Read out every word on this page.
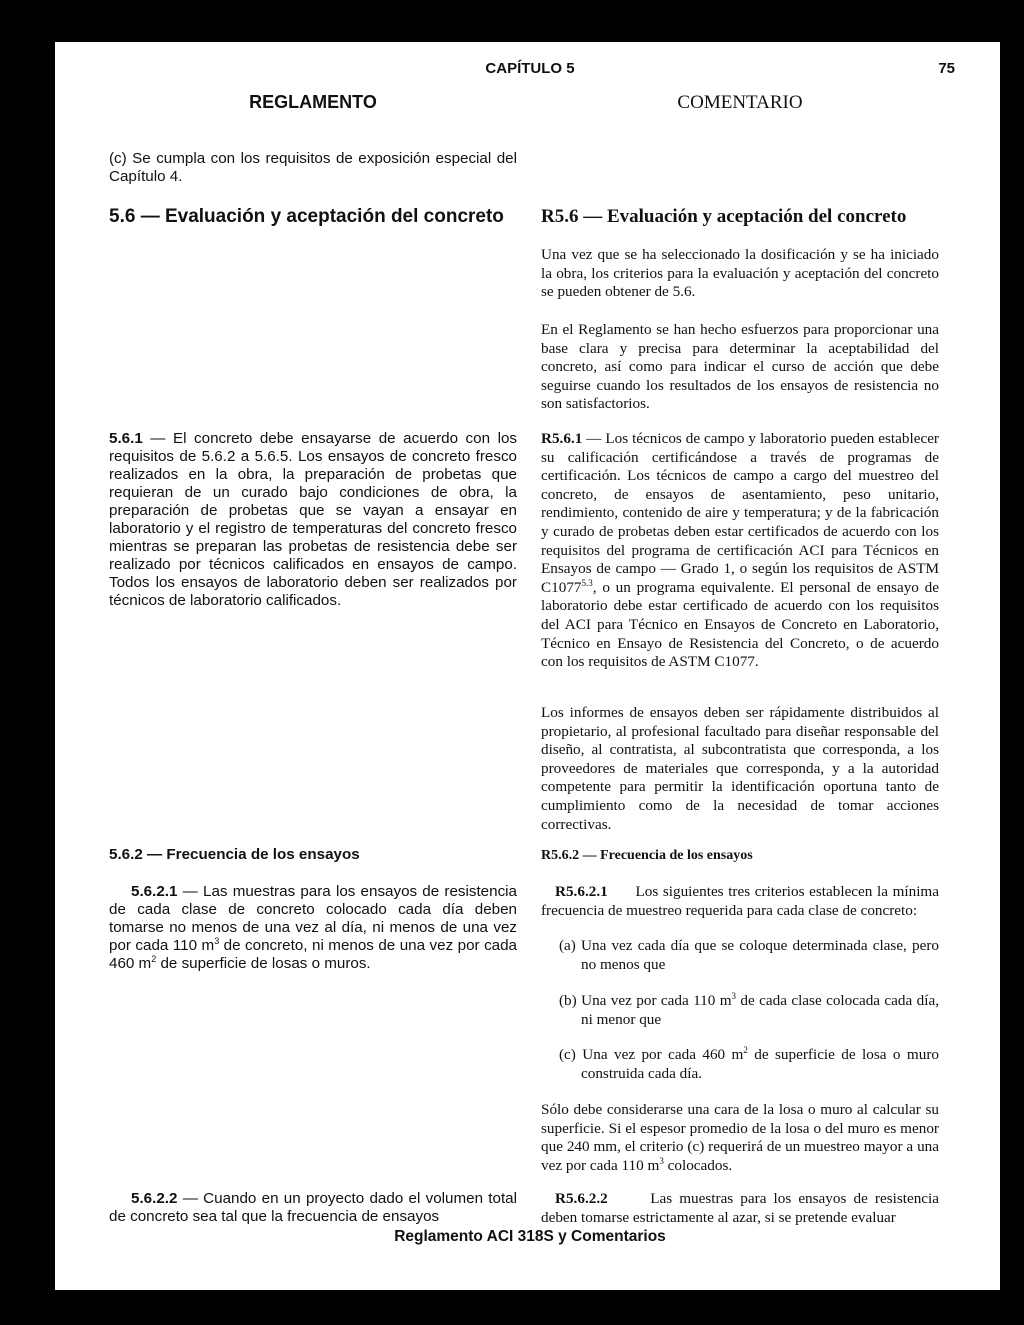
CAPÍTULO 5	75
REGLAMENTO	COMENTARIO
(c) Se cumpla con los requisitos de exposición especial del Capítulo 4.
5.6 — Evaluación y aceptación del concreto
5.6.1 — El concreto debe ensayarse de acuerdo con los requisitos de 5.6.2 a 5.6.5. Los ensayos de concreto fresco realizados en la obra, la preparación de probetas que requieran de un curado bajo condiciones de obra, la preparación de probetas que se vayan a ensayar en laboratorio y el registro de temperaturas del concreto fresco mientras se preparan las probetas de resistencia debe ser realizado por técnicos calificados en ensayos de campo. Todos los ensayos de laboratorio deben ser realizados por técnicos de laboratorio calificados.
5.6.2 — Frecuencia de los ensayos
5.6.2.1 — Las muestras para los ensayos de resistencia de cada clase de concreto colocado cada día deben tomarse no menos de una vez al día, ni menos de una vez por cada 110 $m^3$ de concreto, ni menos de una vez por cada 460 $m^2$ de superficie de losas o muros.
5.6.2.2 — Cuando en un proyecto dado el volumen total de concreto sea tal que la frecuencia de ensayos
R5.6 — Evaluación y aceptación del concreto
Una vez que se ha seleccionado la dosificación y se ha iniciado la obra, los criterios para la evaluación y aceptación del concreto se pueden obtener de 5.6.
En el Reglamento se han hecho esfuerzos para proporcionar una base clara y precisa para determinar la aceptabilidad del concreto, así como para indicar el curso de acción que debe seguirse cuando los resultados de los ensayos de resistencia no son satisfactorios.
R5.6.1 — Los técnicos de campo y laboratorio pueden establecer su calificación certificándose a través de programas de certificación. Los técnicos de campo a cargo del muestreo del concreto, de ensayos de asentamiento, peso unitario, rendimiento, contenido de aire y temperatura; y de la fabricación y curado de probetas deben estar certificados de acuerdo con los requisitos del programa de certificación ACI para Técnicos en Ensayos de campo — Grado 1, o según los requisitos de ASTM $C1077^{5.3}$, o un programa equivalente. El personal de ensayo de laboratorio debe estar certificado de acuerdo con los requisitos del ACI para Técnico en Ensayos de Concreto en Laboratorio, Técnico en Ensayo de Resistencia del Concreto, o de acuerdo con los requisitos de ASTM C1077.
Los informes de ensayos deben ser rápidamente distribuidos al propietario, al profesional facultado para diseñar responsable del diseño, al contratista, al subcontratista que corresponda, a los proveedores de materiales que corresponda, y a la autoridad competente para permitir la identificación oportuna tanto de cumplimiento como de la necesidad de tomar acciones correctivas.
R5.6.2 — Frecuencia de los ensayos
R5.6.2.1 Los siguientes tres criterios establecen la mínima frecuencia de muestreo requerida para cada clase de concreto:

(a) Una vez cada día que se coloque determinada clase, pero no menos que

(b) Una vez por cada 110 $m^3$ de cada clase colocada cada día, ni menor que

(c) Una vez por cada 460 $m^2$ de superficie de losa o muro construida cada día.

Sólo debe considerarse una cara de la losa o muro al calcular su superficie. Si el espesor promedio de la losa o del muro es menor que 240 mm, el criterio (c) requerirá de un muestreo mayor a una vez por cada 110 $m^3$ colocados.
R5.6.2.2	Las muestras para los ensayos de resistencia deben tomarse estrictamente al azar, si se pretende evaluar
Reglamento ACI 318S y Comentarios
